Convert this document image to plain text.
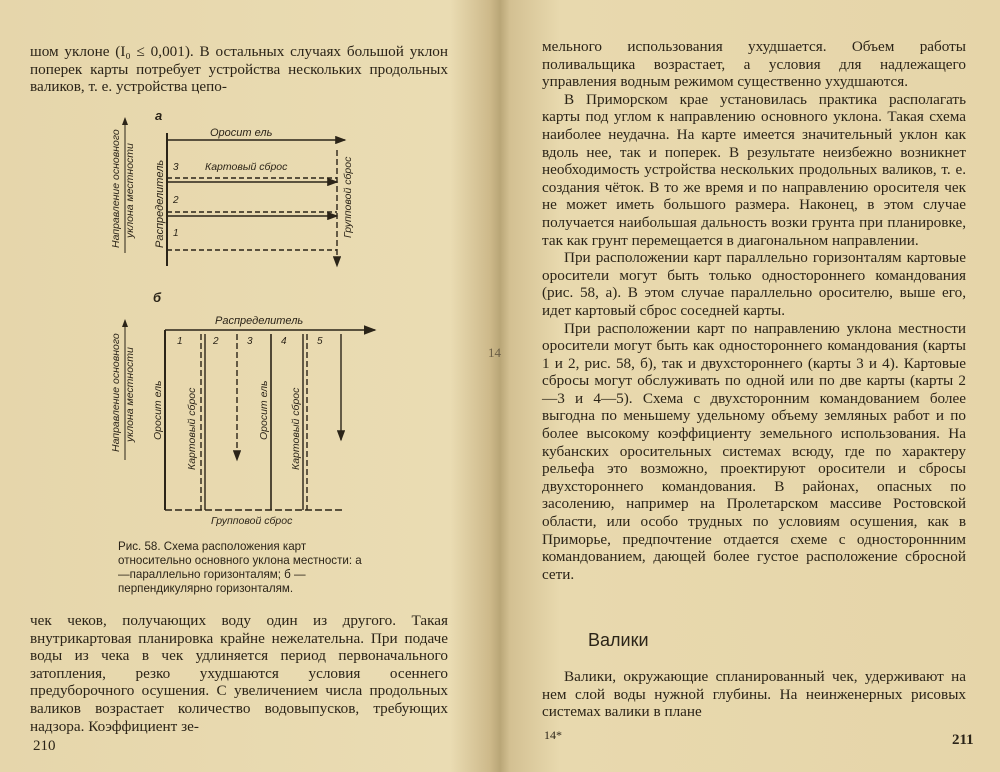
шом уклоне (I₀ ≤ 0,001). В остальных случаях большой уклон поперек карты потребует устройства нескольких продольных валиков, т. е. устройства цепо-
а
Направление основного уклона местности
Оросит ель
Распределитель 3	Картовый сброс
2
1	Групповой сброс
б
Направление основного уклона местности
Распределитель
Оросит ель
1
Картовый сброс
2	3
Оросит ель
4
Картовый сброс
5
Групповой сброс
Рис. 58. Схема расположения карт относительно основного уклона местности: а—параллельно горизонталям; б — перпендикулярно горизонталям.
чек чеков, получающих воду один из другого. Такая внутрикартовая планировка крайне нежелательна. При подаче воды из чека в чек удлиняется период первоначального затопления, резко ухудшаются условия осеннего предуборочного осушения. С увеличением числа продольных валиков возрастает количество водовыпусков, требующих надзора. Коэффициент зе-
210
14

мельного использования ухудшается. Объем работы поливальщика возрастает, а условия для надлежащего управления водным режимом существенно ухудшаются.

В Приморском крае установилась практика располагать карты под углом к направлению основного уклона. Такая схема наиболее неудачна. На карте имеется значительный уклон как вдоль нее, так и поперек. В результате неизбежно возникнет необходимость устройства нескольких продольных валиков, т. е. создания чёток. В то же время и по направлению оросителя чек не может иметь большого размера. Наконец, в этом случае получается наибольшая дальность возки грунта при планировке, так как грунт перемещается в диагональном направлении.

При расположении карт параллельно горизонталям картовые оросители могут быть только одностороннего командования (рис. 58, а). В этом случае параллельно оросителю, выше его, идет картовый сброс соседней карты.

При расположении карт по направлению уклона местности оросители могут быть как одностороннего командования (карты 1 и 2, рис. 58, б), так и двухстороннего (карты 3 и 4). Картовые сбросы могут обслуживать по одной или по две карты (карты 2—3 и 4—5). Схема с двухсторонним командованием более выгодна по меньшему удельному объему земляных работ и по более высокому коэффициенту земельного использования. На кубанских оросительных системах всюду, где по характеру рельефа это возможно, проектируют оросители и сбросы двухстороннего командования. В районах, опасных по засолению, например на Пролетарском массиве Ростовской области, или особо трудных по условиям осушения, как в Приморье, предпочтение отдается схеме с одностороннним командованием, дающей более густое расположение сбросной сети.

Валики

Валики, окружающие спланированный чек, удерживают на нем слой воды нужной глубины. На неинженерных рисовых системах валики в плане

14*	211
